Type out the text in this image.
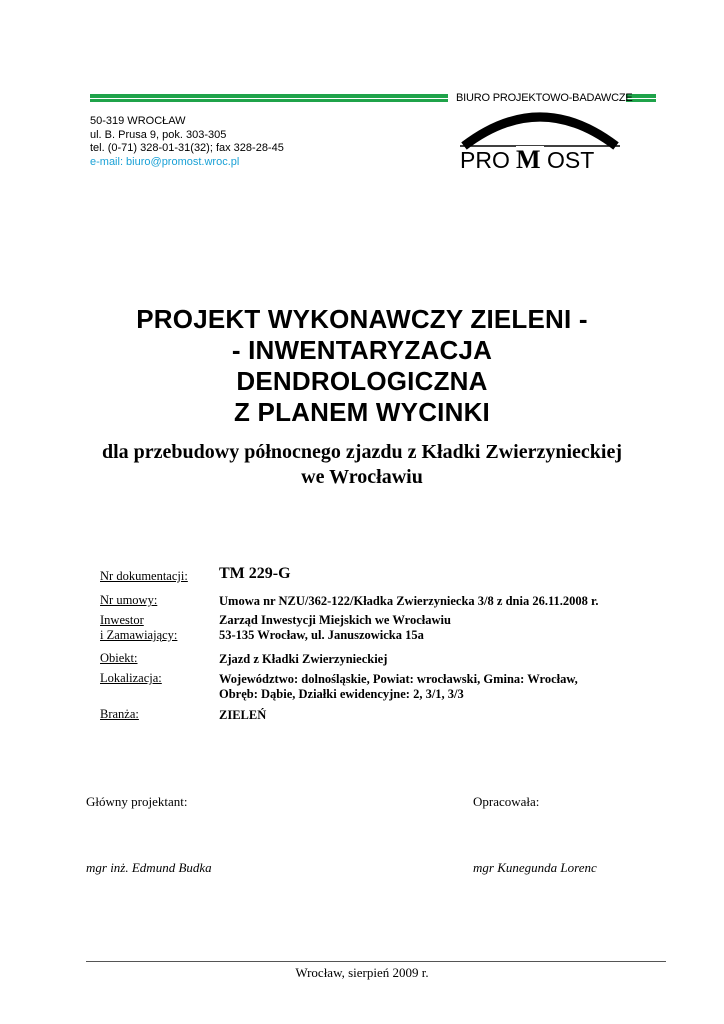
BIURO PROJEKTOWO-BADAWCZE
50-319 WROCŁAW
ul. B. Prusa 9, pok. 303-305
tel. (0-71) 328-01-31(32); fax 328-28-45
e-mail: biuro@promost.wroc.pl	PRO M OST
PROJEKT WYKONAWCZY ZIELENI -
- INWENTARYZACJA
DENDROLOGICZNA
Z PLANEM WYCINKI
dla przebudowy północnego zjazdu z Kładki Zwierzynieckiej
we Wrocławiu
Nr dokumentacji: TM 229-G
Nr umowy:	Umowa nr NZU/362-122/Kładka Zwierzyniecka 3/8 z dnia 26.11.2008 r.
Inwestor
i Zamawiający:
Zarząd Inwestycji Miejskich we Wrocławiu
53-135 Wrocław, ul. Januszowicka 15a
Obiekt:	Zjazd z Kładki Zwierzynieckiej
Lokalizacja:	Województwo: dolnośląskie, Powiat: wrocławski, Gmina: Wrocław,
Obręb: Dąbie, Działki ewidencyjne: 2, 3/1, 3/3
Branża:	ZIELEŃ
Główny projektant:	Opracowała:
mgr inż. Edmund Budka	mgr Kunegunda Lorenc
Wrocław, sierpień 2009 r.
